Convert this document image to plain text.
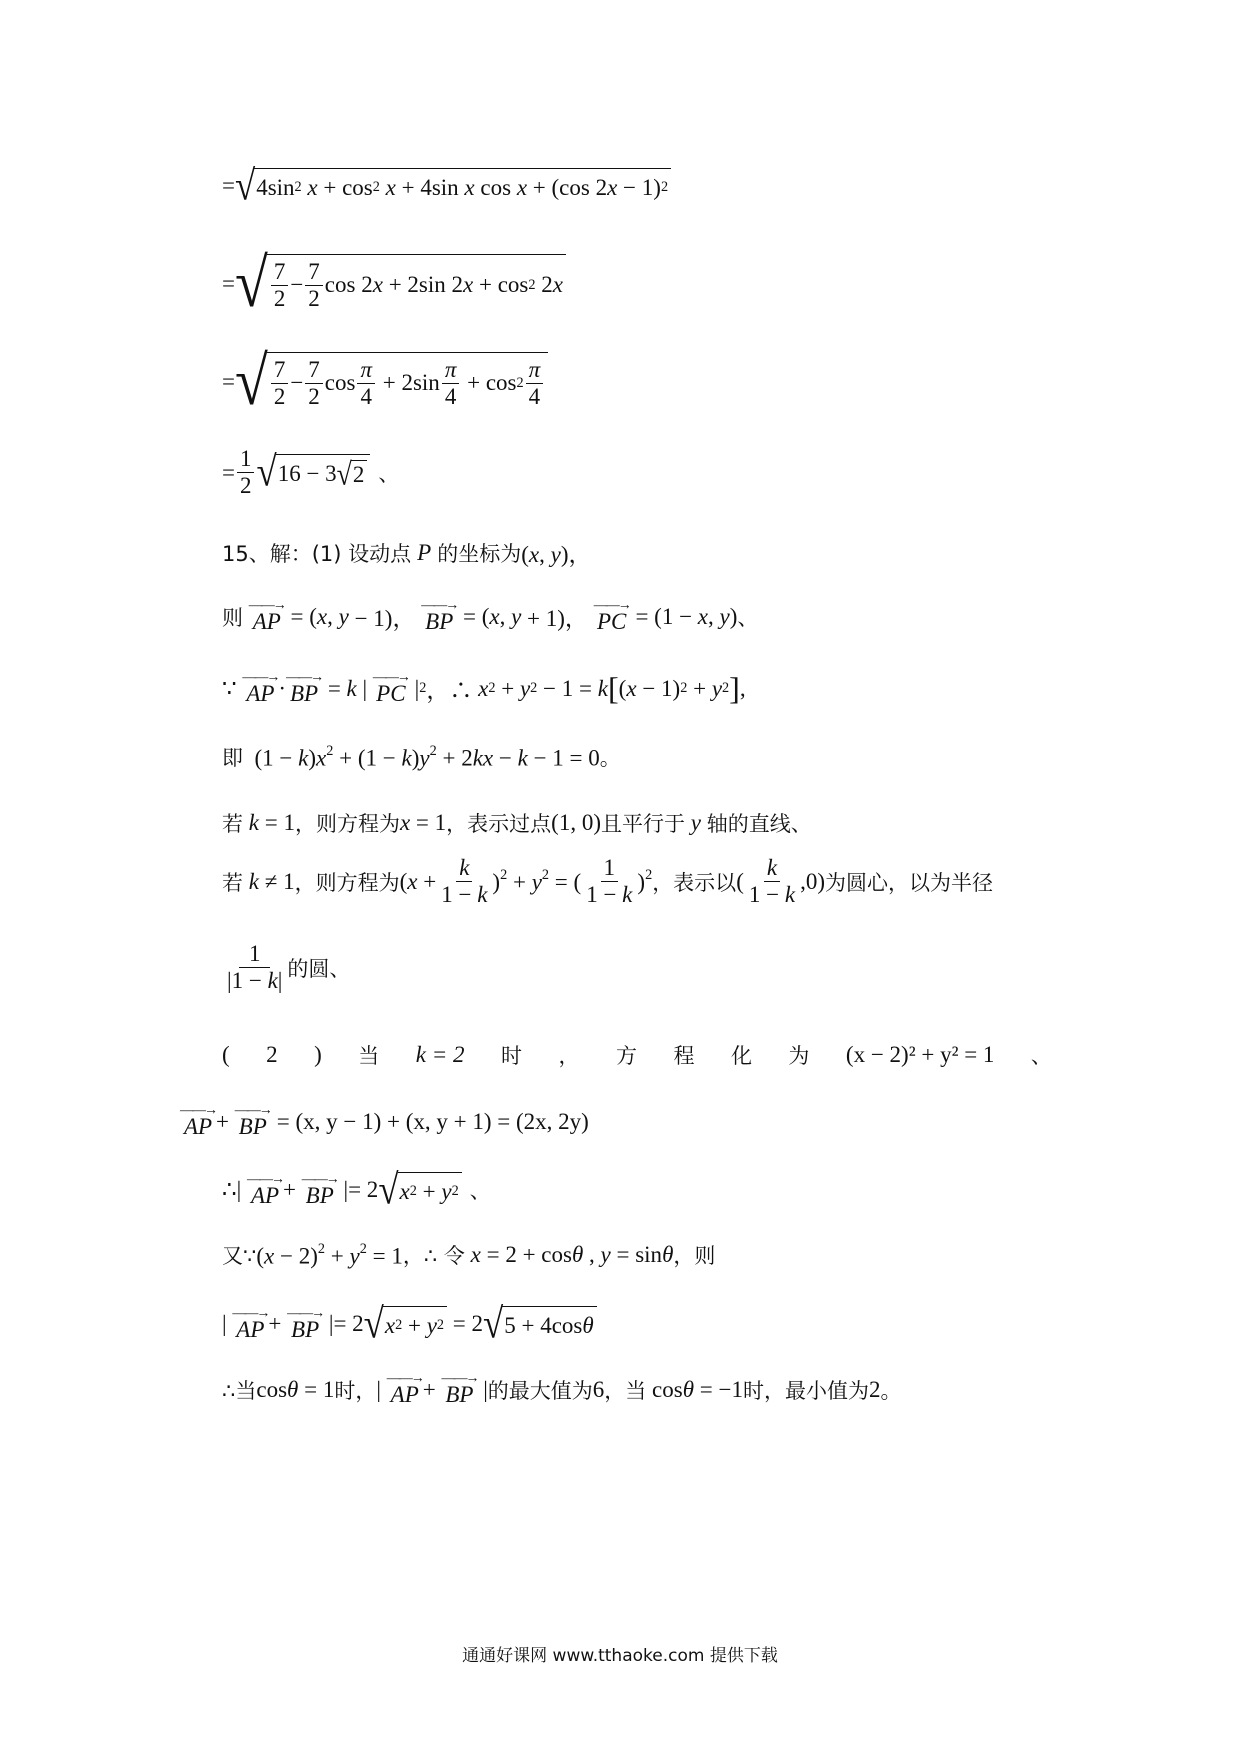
= √ 4sin 2
x + cos 2
x + 4sin x cos x + (cos 2 x − 1) 2
= √ $\frac{7}{2} - \frac{7}{2}$ cos 2 x + 2sin 2 x + cos 2 2 x
= √ $\frac{7}{2} - \frac{7}{2}$ $\cos \frac{\pi}{4} + 2\sin \frac{\pi}{4} + \cos 2 \frac{\pi}{4}$
= $\frac{1}{2}$ √ 16 − 3 √ 2 、
15、解：(1) 设动点 P 的坐标为 (x, y)，
则
——→
AP = ( x , y − 1)，
——→
BP = ( x , y + 1)，
——→
PC = (1 − x , y ) 、
∵
——→
AP · ——→
BP = k | ——→
PC | 2 ，∴
x 2 + y 2 − 1 = k [ ( x − 1) 2 + y 2 ] ,
即
$(1 - k)x^2 + (1 - k)y^2 + 2kx - k - 1 = 0$ 。
若 k = 1 ，则方程为 x = 1 ，表示过点 (1, 0) 且平行于 y 轴的直线、
若 k ≠ 1 ，则方程为 $(x + \frac{k}{1 - k} )^2 + y^2$ = ( $\frac{1}{1 - k} )^2$ ，表示以 ( $\frac{k}{1 - k} ,0$) 为圆心，以为半径
$\frac{1}{|1 - k|}$ 的圆、
( 2 ) 当 k = 2 时 ， 方 程 化 为 (x − 2)² + y² = 1 、
——→
AP + ——→
BP = (x, y − 1) + (x, y + 1) = (2x, 2y)
∴ | ——→
AP + ——→
BP |= 2 √ x 2 + y 2 、
又∵ $(x - 2)^2 + y^2 = 1$ ，∴ 令 x = 2 + cosθ , y = sinθ ，则
| ——→
AP + ——→
BP |= 2 √ x 2 + y 2 = 2 √ 5 + 4cos θ
∴当 cosθ = 1 时， | ——→
AP + ——→
BP | 的最大值为 6 ，当 cosθ = −1 时，最小值为 2 。
通通好课网 www.tthaoke.com 提供下载
